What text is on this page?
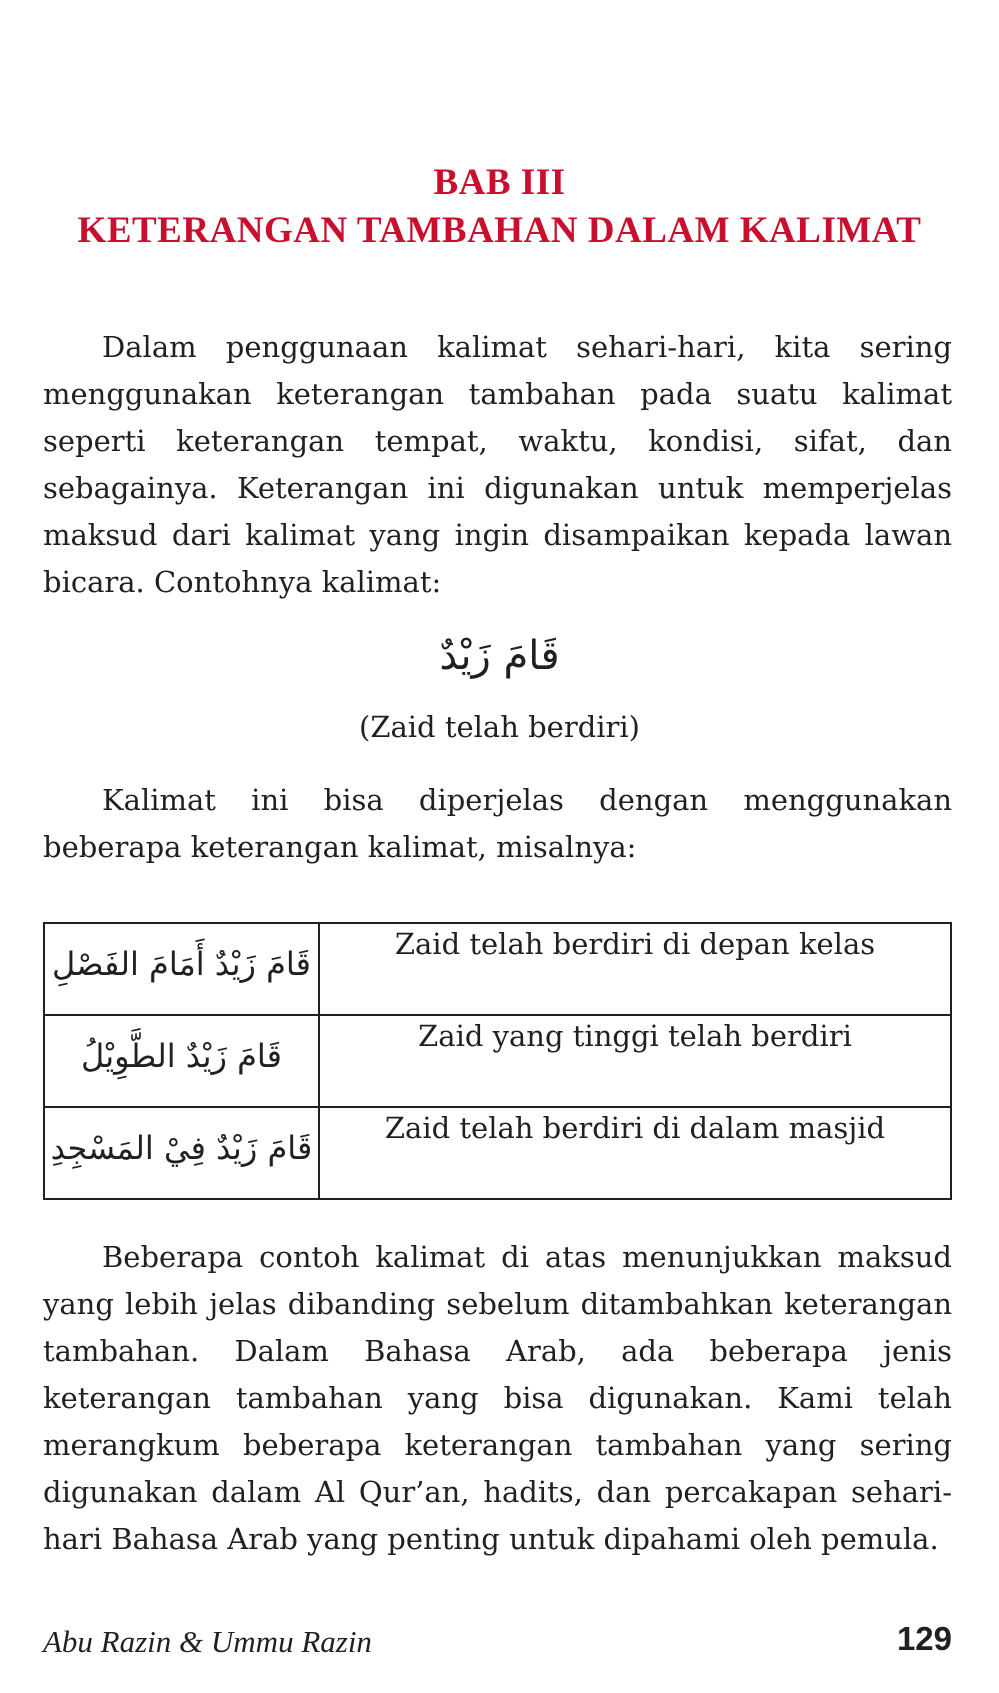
BAB III
KETERANGAN TAMBAHAN DALAM KALIMAT

Dalam penggunaan kalimat sehari-hari, kita sering
menggunakan keterangan tambahan pada suatu kalimat
seperti keterangan tempat, waktu, kondisi, sifat, dan
sebagainya. Keterangan ini digunakan untuk memperjelas
maksud dari kalimat yang ingin disampaikan kepada lawan
bicara. Contohnya kalimat:

قَامَ زَيْدٌ
(Zaid telah berdiri)

Kalimat ini bisa diperjelas dengan menggunakan
beberapa keterangan kalimat, misalnya:

قَامَ زَيْدٌ أَمَامَ الفَصْلِ	Zaid telah berdiri di depan kelas
قَامَ زَيْدٌ الطَّوِيْلُ	Zaid yang tinggi telah berdiri
قَامَ زَيْدٌ فِيْ المَسْجِدِ	Zaid telah berdiri di dalam masjid

Beberapa contoh kalimat di atas menunjukkan maksud
yang lebih jelas dibanding sebelum ditambahkan keterangan
tambahan. Dalam Bahasa Arab, ada beberapa jenis
keterangan tambahan yang bisa digunakan. Kami telah
merangkum beberapa keterangan tambahan yang sering
digunakan dalam Al Qur’an, hadits, dan percakapan sehari-
hari Bahasa Arab yang penting untuk dipahami oleh pemula.

Abu Razin & Ummu Razin	129
